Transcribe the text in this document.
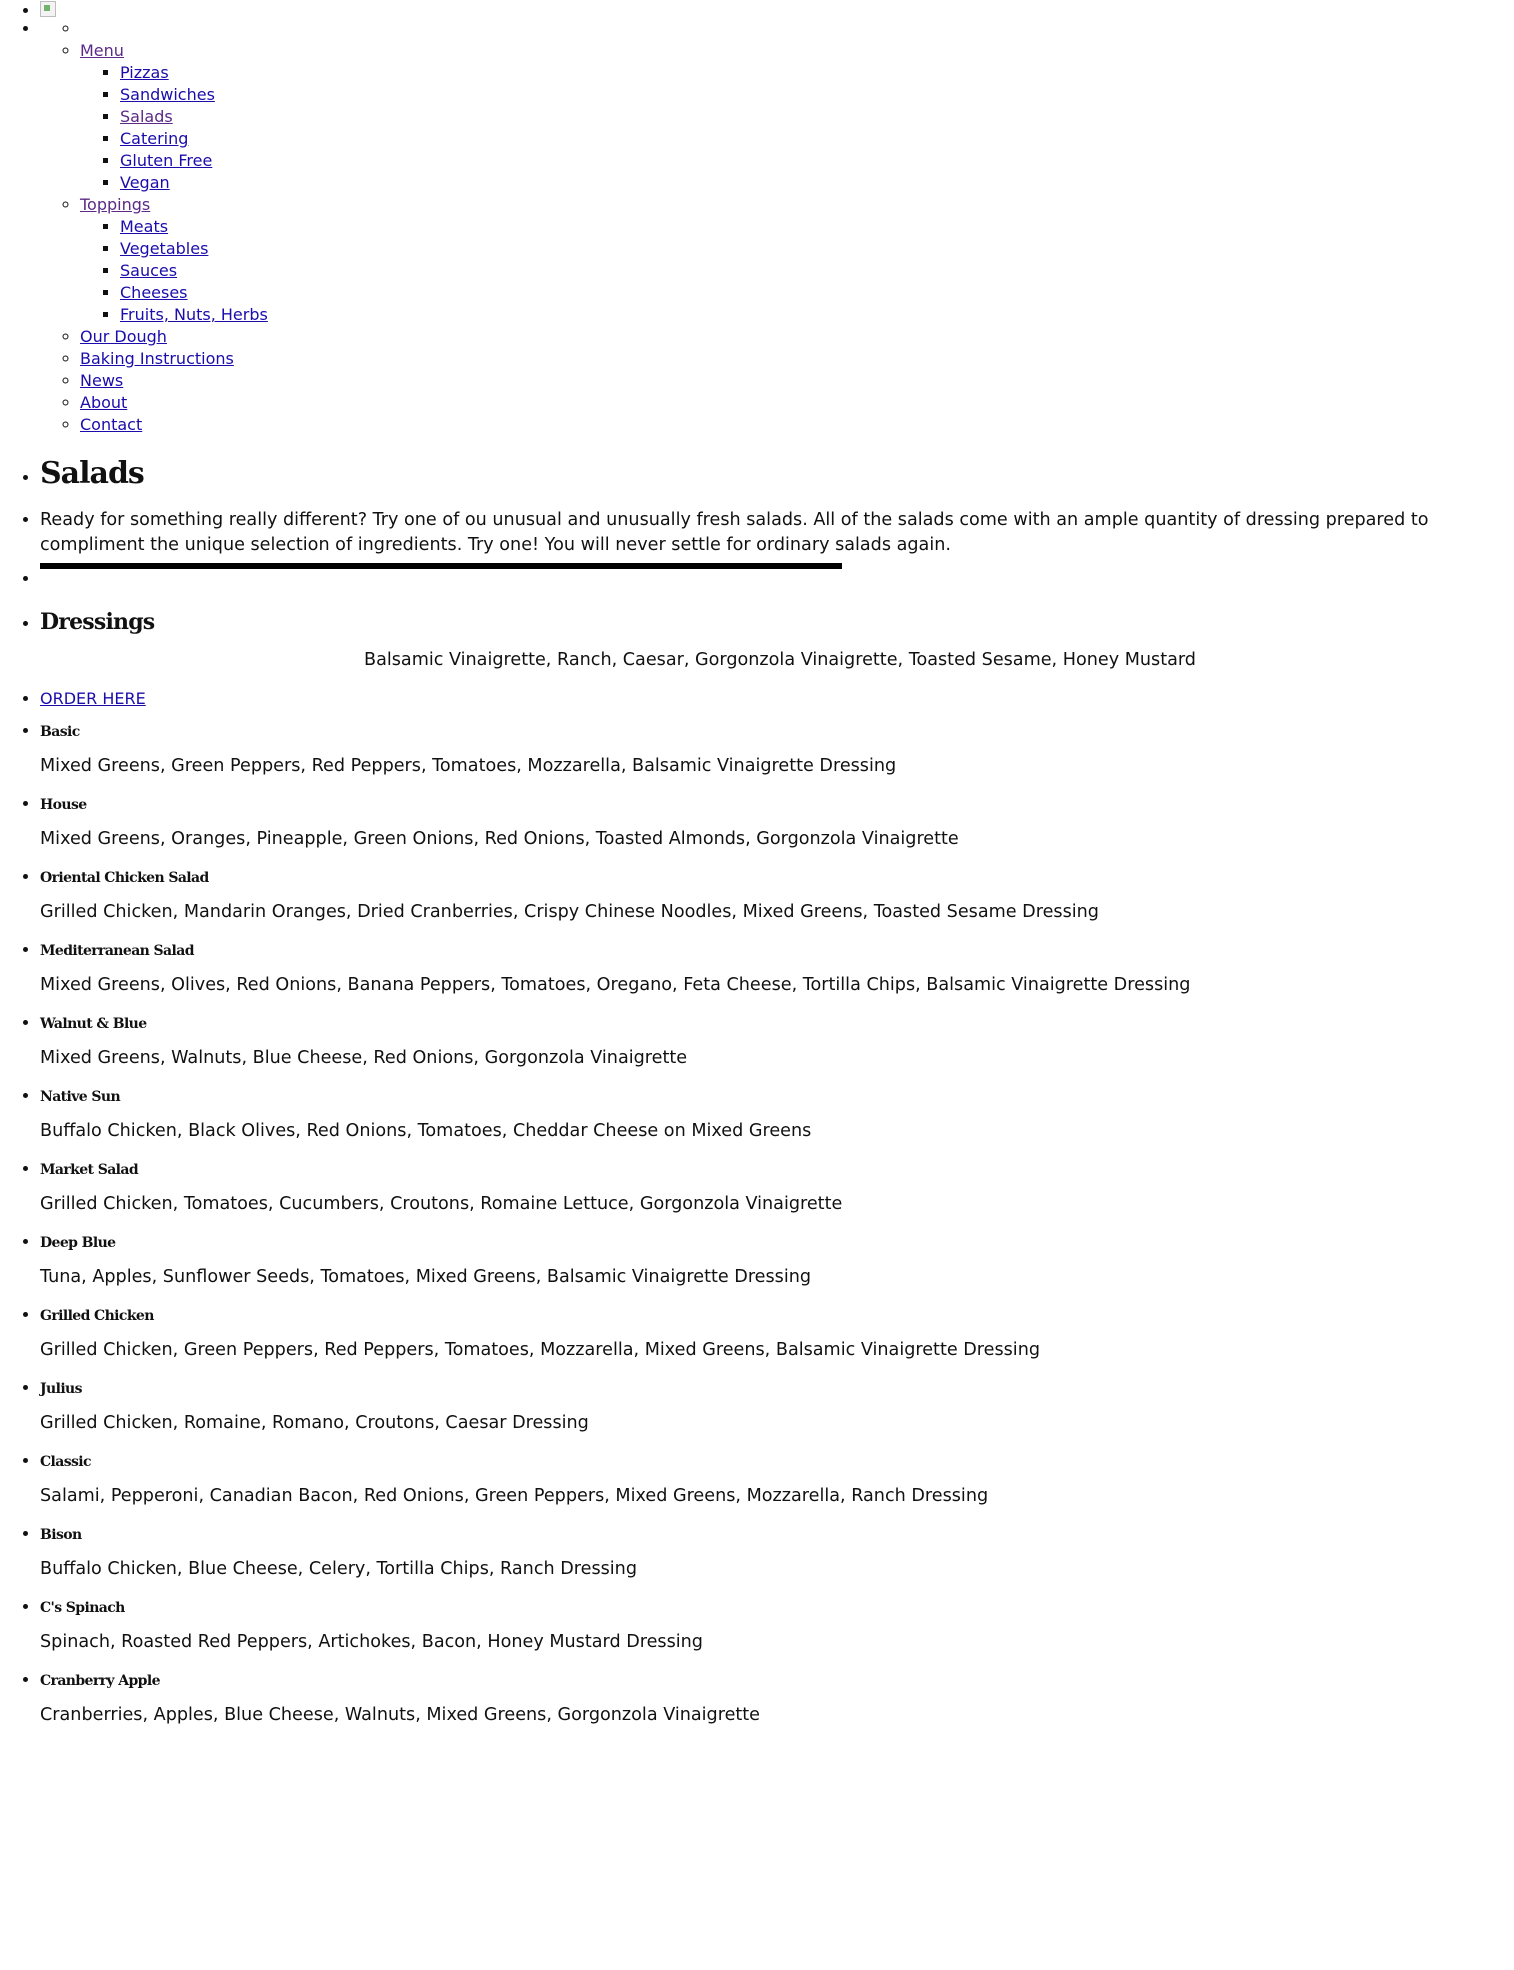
•
◦
◦ • Menu
▪ Pizzas
▪ Sandwiches
▪ Salads
▪ Catering
▪ Gluten Free
▪ Vegan
◦ Toppings
▪ Meats
▪ Vegetables
▪ Sauces
▪ Cheeses
▪ Fruits, Nuts, Herbs
◦ Our Dough
◦ Baking Instructions
◦ News
◦ About
◦ Contact
• Salads

• Ready for something really different? Try one of ou unusual and unusually fresh salads. All of the salads come with an ample quantity of dressing prepared to compliment the unique selection of ingredients. Try one! You will never settle for ordinary salads again.

•
• Dressings

Balsamic Vinaigrette, Ranch, Caesar, Gorgonzola Vinaigrette, Toasted Sesame, Honey Mustard

• ORDER HERE
• Basic

Mixed Greens, Green Peppers, Red Peppers, Tomatoes, Mozzarella, Balsamic Vinaigrette Dressing

• House

Mixed Greens, Oranges, Pineapple, Green Onions, Red Onions, Toasted Almonds, Gorgonzola Vinaigrette

• Oriental Chicken Salad

Grilled Chicken, Mandarin Oranges, Dried Cranberries, Crispy Chinese Noodles, Mixed Greens, Toasted Sesame Dressing

• Mediterranean Salad

Mixed Greens, Olives, Red Onions, Banana Peppers, Tomatoes, Oregano, Feta Cheese, Tortilla Chips, Balsamic Vinaigrette Dressing

• Walnut & Blue

Mixed Greens, Walnuts, Blue Cheese, Red Onions, Gorgonzola Vinaigrette

• Native Sun

Buffalo Chicken, Black Olives, Red Onions, Tomatoes, Cheddar Cheese on Mixed Greens

• Market Salad

Grilled Chicken, Tomatoes, Cucumbers, Croutons, Romaine Lettuce, Gorgonzola Vinaigrette

• Deep Blue

Tuna, Apples, Sunflower Seeds, Tomatoes, Mixed Greens, Balsamic Vinaigrette Dressing

• Grilled Chicken

Grilled Chicken, Green Peppers, Red Peppers, Tomatoes, Mozzarella, Mixed Greens, Balsamic Vinaigrette Dressing

• Julius

Grilled Chicken, Romaine, Romano, Croutons, Caesar Dressing

• Classic

Salami, Pepperoni, Canadian Bacon, Red Onions, Green Peppers, Mixed Greens, Mozzarella, Ranch Dressing

• Bison

Buffalo Chicken, Blue Cheese, Celery, Tortilla Chips, Ranch Dressing

• C's Spinach

Spinach, Roasted Red Peppers, Artichokes, Bacon, Honey Mustard Dressing

• Cranberry Apple

Cranberries, Apples, Blue Cheese, Walnuts, Mixed Greens, Gorgonzola Vinaigrette
